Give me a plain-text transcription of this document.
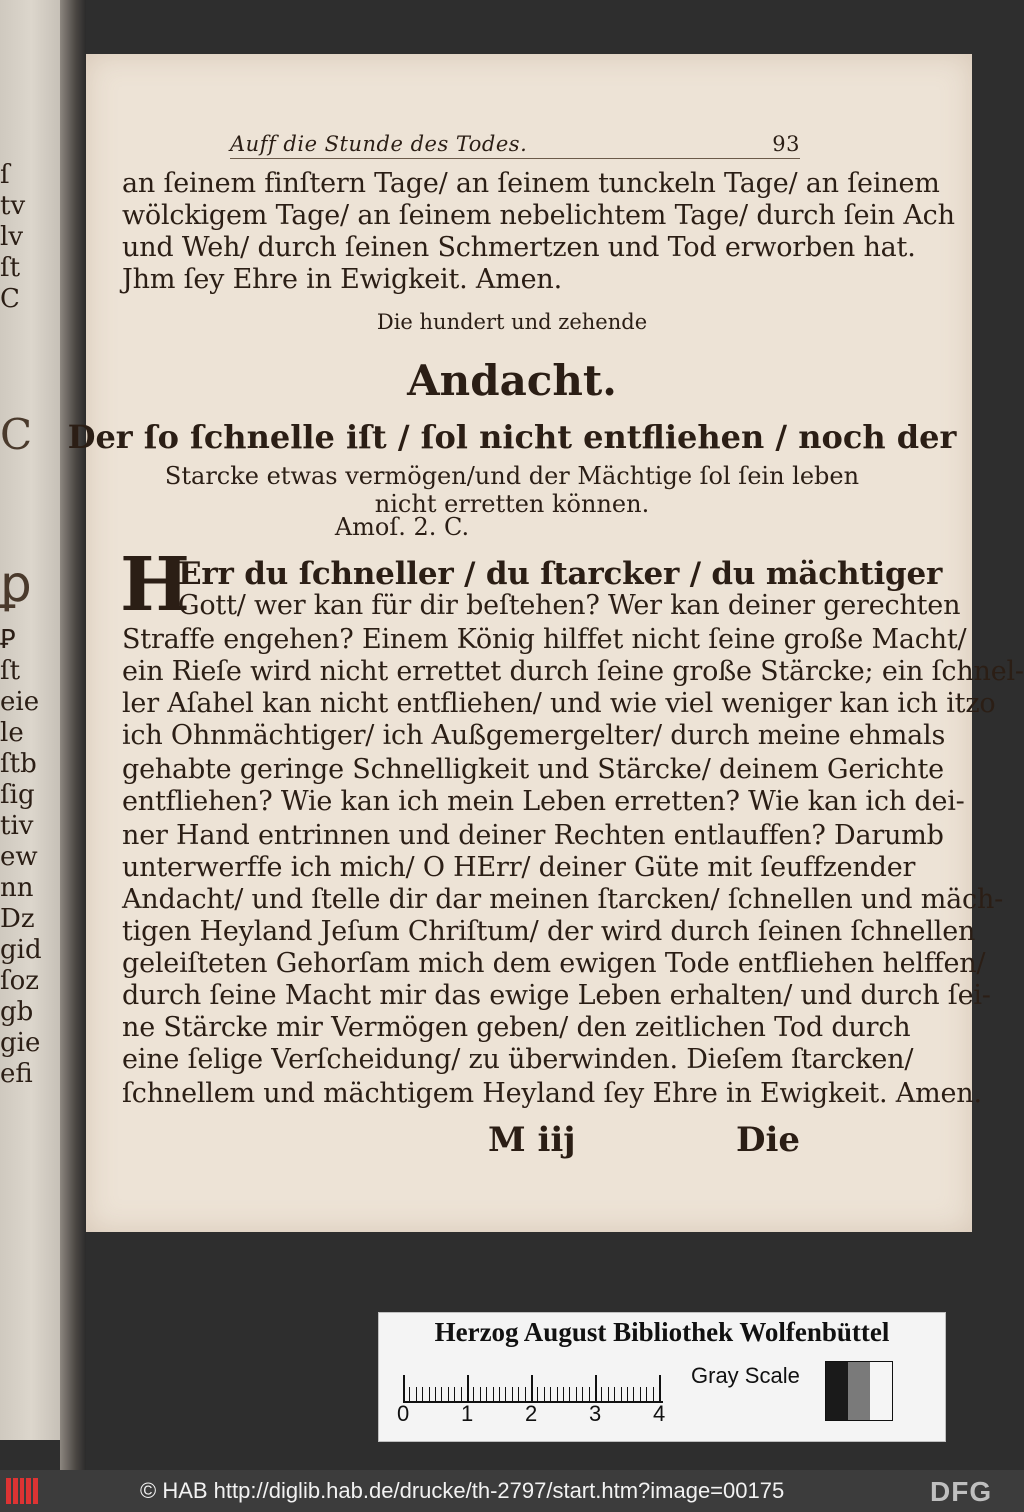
ſ
tv
lv
ſt
C
Ꝑ
ſt
eie
le
ſtb
ſig
tiv
ew
nn
Dz
gid
ſoz
gb
gie
efi
C
ꝑ
Auff die Stunde des Todes.	93
an ſeinem finſtern Tage/ an ſeinem tunckeln Tage/ an ſeinem
wölckigem Tage/ an ſeinem nebelichtem Tage/ durch ſein Ach
und Weh/ durch ſeinen Schmertzen und Tod erworben hat.
Jhm ſey Ehre in Ewigkeit. Amen.
Die hundert und zehende
Andacht.
Der ſo ſchnelle iſt / ſol nicht entfliehen / noch der
Starcke etwas vermögen/und der Mächtige ſol ſein leben
nicht erretten können.
Amoſ. 2. C.
H
Err du ſchneller / du ſtarcker / du mächtiger
Gott/ wer kan für dir beſtehen? Wer kan deiner gerechten
Straffe engehen? Einem König hilffet nicht ſeine große Macht/
ein Rieſe wird nicht errettet durch ſeine große Stärcke; ein ſchnel-
ler Aſahel kan nicht entfliehen/ und wie viel weniger kan ich itzo
ich Ohnmächtiger/ ich Außgemergelter/ durch meine ehmals
gehabte geringe Schnelligkeit und Stärcke/ deinem Gerichte
entfliehen? Wie kan ich mein Leben erretten? Wie kan ich dei-
ner Hand entrinnen und deiner Rechten entlauffen? Darumb
unterwerffe ich mich/ O HErr/ deiner Güte mit ſeuffzender
Andacht/ und ſtelle dir dar meinen ſtarcken/ ſchnellen und mäch-
tigen Heyland Jeſum Chriſtum/ der wird durch ſeinen ſchnellen
geleiſteten Gehorſam mich dem ewigen Tode entfliehen helffen/
durch ſeine Macht mir das ewige Leben erhalten/ und durch ſei-
ne Stärcke mir Vermögen geben/ den zeitlichen Tod durch
eine ſelige Verſcheidung/ zu überwinden. Dieſem ſtarcken/
ſchnellem und mächtigem Heyland ſey Ehre in Ewigkeit. Amen.
M iij	Die
Herzog August Bibliothek Wolfenbüttel
0 1 2 3 4
Gray Scale
© HAB http://diglib.hab.de/drucke/th-2797/start.htm?image=00175	DFG
